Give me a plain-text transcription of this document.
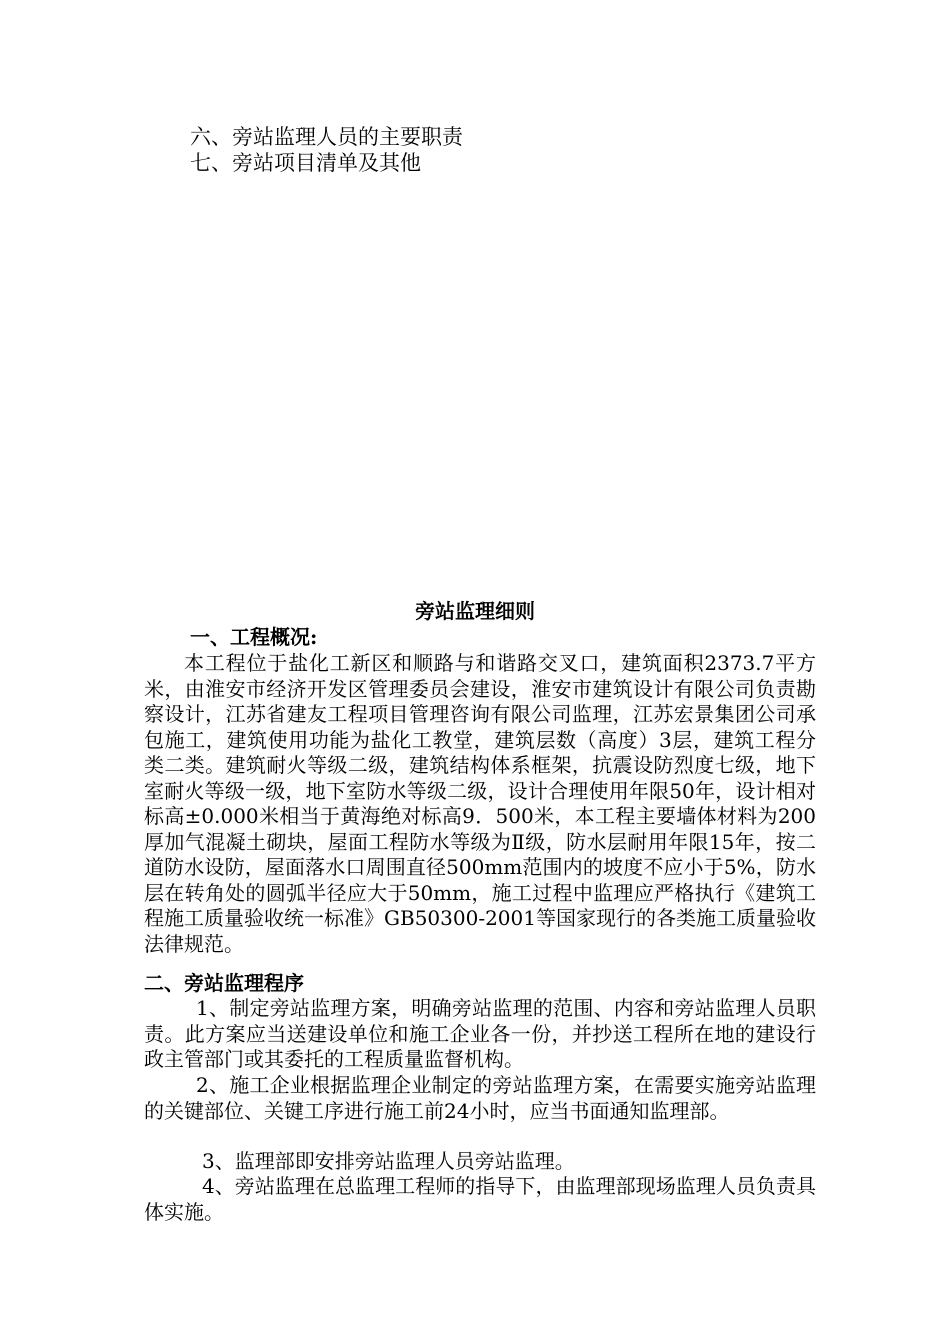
六、旁站监理人员的主要职责
七、旁站项目清单及其他
旁站监理细则
一、工程概况:
本工程位于盐化工新区和顺路与和谐路交叉口，建筑面积2373.7平方米，由淮安市经济开发区管理委员会建设，淮安市建筑设计有限公司负责勘察设计，江苏省建友工程项目管理咨询有限公司监理，江苏宏景集团公司承包施工，建筑使用功能为盐化工教堂，建筑层数（高度）3层，建筑工程分类二类。建筑耐火等级二级，建筑结构体系框架，抗震设防烈度七级，地下室耐火等级一级，地下室防水等级二级，设计合理使用年限50年，设计相对标高±0.000米相当于黄海绝对标高9．500米，本工程主要墙体材料为200厚加气混凝土砌块，屋面工程防水等级为Ⅱ级，防水层耐用年限15年，按二道防水设防，屋面落水口周围直径500mm范围内的坡度不应小于5%，防水层在转角处的圆弧半径应大于50mm，施工过程中监理应严格执行《建筑工程施工质量验收统一标准》GB50300-2001等国家现行的各类施工质量验收法律规范。
二、旁站监理程序
1、制定旁站监理方案，明确旁站监理的范围、内容和旁站监理人员职责。此方案应当送建设单位和施工企业各一份，并抄送工程所在地的建设行政主管部门或其委托的工程质量监督机构。
2、施工企业根据监理企业制定的旁站监理方案，在需要实施旁站监理的关键部位、关键工序进行施工前24小时，应当书面通知监理部。
3、监理部即安排旁站监理人员旁站监理。
4、旁站监理在总监理工程师的指导下，由监理部现场监理人员负责具体实施。
